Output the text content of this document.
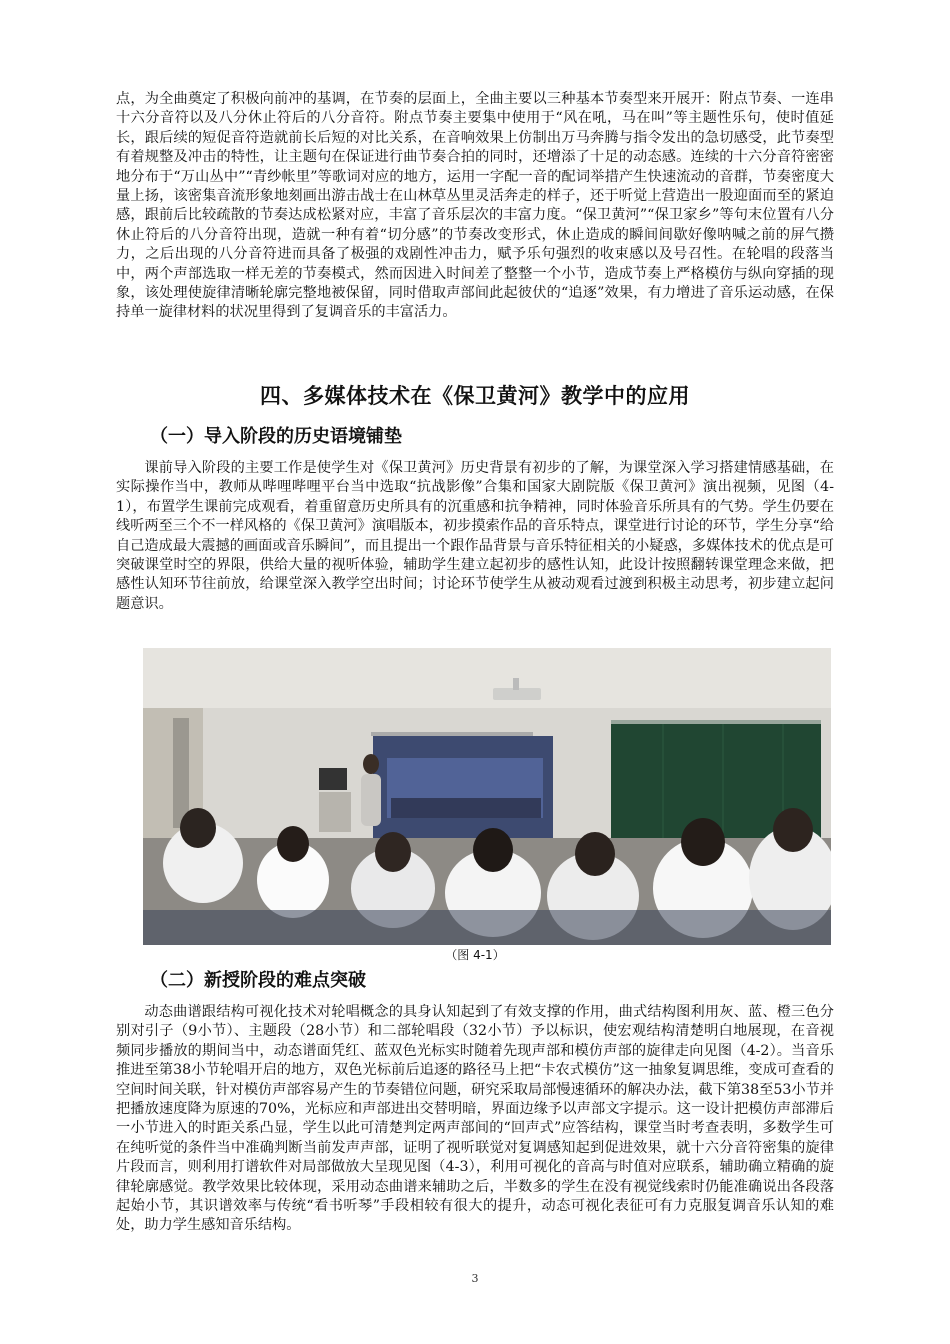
点，为全曲奠定了积极向前冲的基调，在节奏的层面上，全曲主要以三种基本节奏型来开展开：附点节奏、一连串十六分音符以及八分休止符后的八分音符。附点节奏主要集中使用于“风在吼，马在叫”等主题性乐句，使时值延长，跟后续的短促音符造就前长后短的对比关系，在音响效果上仿制出万马奔腾与指令发出的急切感受，此节奏型有着规整及冲击的特性，让主题句在保证进行曲节奏合拍的同时，还增添了十足的动态感。连续的十六分音符密密地分布于“万山丛中”“青纱帐里”等歌词对应的地方，运用一字配一音的配词举措产生快速流动的音群，节奏密度大量上扬，该密集音流形象地刻画出游击战士在山林草丛里灵活奔走的样子，还于听觉上营造出一股迎面而至的紧迫感，跟前后比较疏散的节奏达成松紧对应，丰富了音乐层次的丰富力度。“保卫黄河”“保卫家乡”等句末位置有八分休止符后的八分音符出现，造就一种有着“切分感”的节奏改变形式，休止造成的瞬间间歇好像呐喊之前的屏气攒力，之后出现的八分音符进而具备了极强的戏剧性冲击力，赋予乐句强烈的收束感以及号召性。在轮唱的段落当中，两个声部选取一样无差的节奏模式，然而因进入时间差了整整一个小节，造成节奏上严格模仿与纵向穿插的现象，该处理使旋律清晰轮廓完整地被保留，同时借取声部间此起彼伏的“追逐”效果，有力增进了音乐运动感，在保持单一旋律材料的状况里得到了复调音乐的丰富活力。

四、多媒体技术在《保卫黄河》教学中的应用
（一）导入阶段的历史语境铺垫

课前导入阶段的主要工作是使学生对《保卫黄河》历史背景有初步的了解，为课堂深入学习搭建情感基础，在实际操作当中，教师从哔哩哔哩平台当中选取“抗战影像”合集和国家大剧院版《保卫黄河》演出视频，见图（4-1），布置学生课前完成观看，着重留意历史所具有的沉重感和抗争精神，同时体验音乐所具有的气势。学生仍要在线听两至三个不一样风格的《保卫黄河》演唱版本，初步摸索作品的音乐特点，课堂进行讨论的环节，学生分享“给自己造成最大震撼的画面或音乐瞬间”，而且提出一个跟作品背景与音乐特征相关的小疑惑，多媒体技术的优点是可突破课堂时空的界限，供给大量的视听体验，辅助学生建立起初步的感性认知，此设计按照翻转课堂理念来做，把感性认知环节往前放，给课堂深入教学空出时间；讨论环节使学生从被动观看过渡到积极主动思考，初步建立起问题意识。

（图 4-1）
（二）新授阶段的难点突破

动态曲谱跟结构可视化技术对轮唱概念的具身认知起到了有效支撑的作用，曲式结构图利用灰、蓝、橙三色分别对引子（9小节）、主题段（28小节）和二部轮唱段（32小节）予以标识，使宏观结构清楚明白地展现，在音视频同步播放的期间当中，动态谱面凭红、蓝双色光标实时随着先现声部和模仿声部的旋律走向见图（4-2）。当音乐推进至第38小节轮唱开启的地方，双色光标前后追逐的路径马上把“卡农式模仿”这一抽象复调思维，变成可查看的空间时间关联，针对模仿声部容易产生的节奏错位问题，研究采取局部慢速循环的解决办法，截下第38至53小节并把播放速度降为原速的70%，光标应和声部进出交替明暗，界面边缘予以声部文字提示。这一设计把模仿声部滞后一小节进入的时距关系凸显，学生以此可清楚判定两声部间的“回声式”应答结构，课堂当时考查表明，多数学生可在纯听觉的条件当中准确判断当前发声声部，证明了视听联觉对复调感知起到促进效果，就十六分音符密集的旋律片段而言，则利用打谱软件对局部做放大呈现见图（4-3），利用可视化的音高与时值对应联系，辅助确立精确的旋律轮廓感觉。教学效果比较体现，采用动态曲谱来辅助之后，半数多的学生在没有视觉线索时仍能准确说出各段落起始小节，其识谱效率与传统“看书听琴”手段相较有很大的提升，动态可视化表征可有力克服复调音乐认知的难处，助力学生感知音乐结构。

3
